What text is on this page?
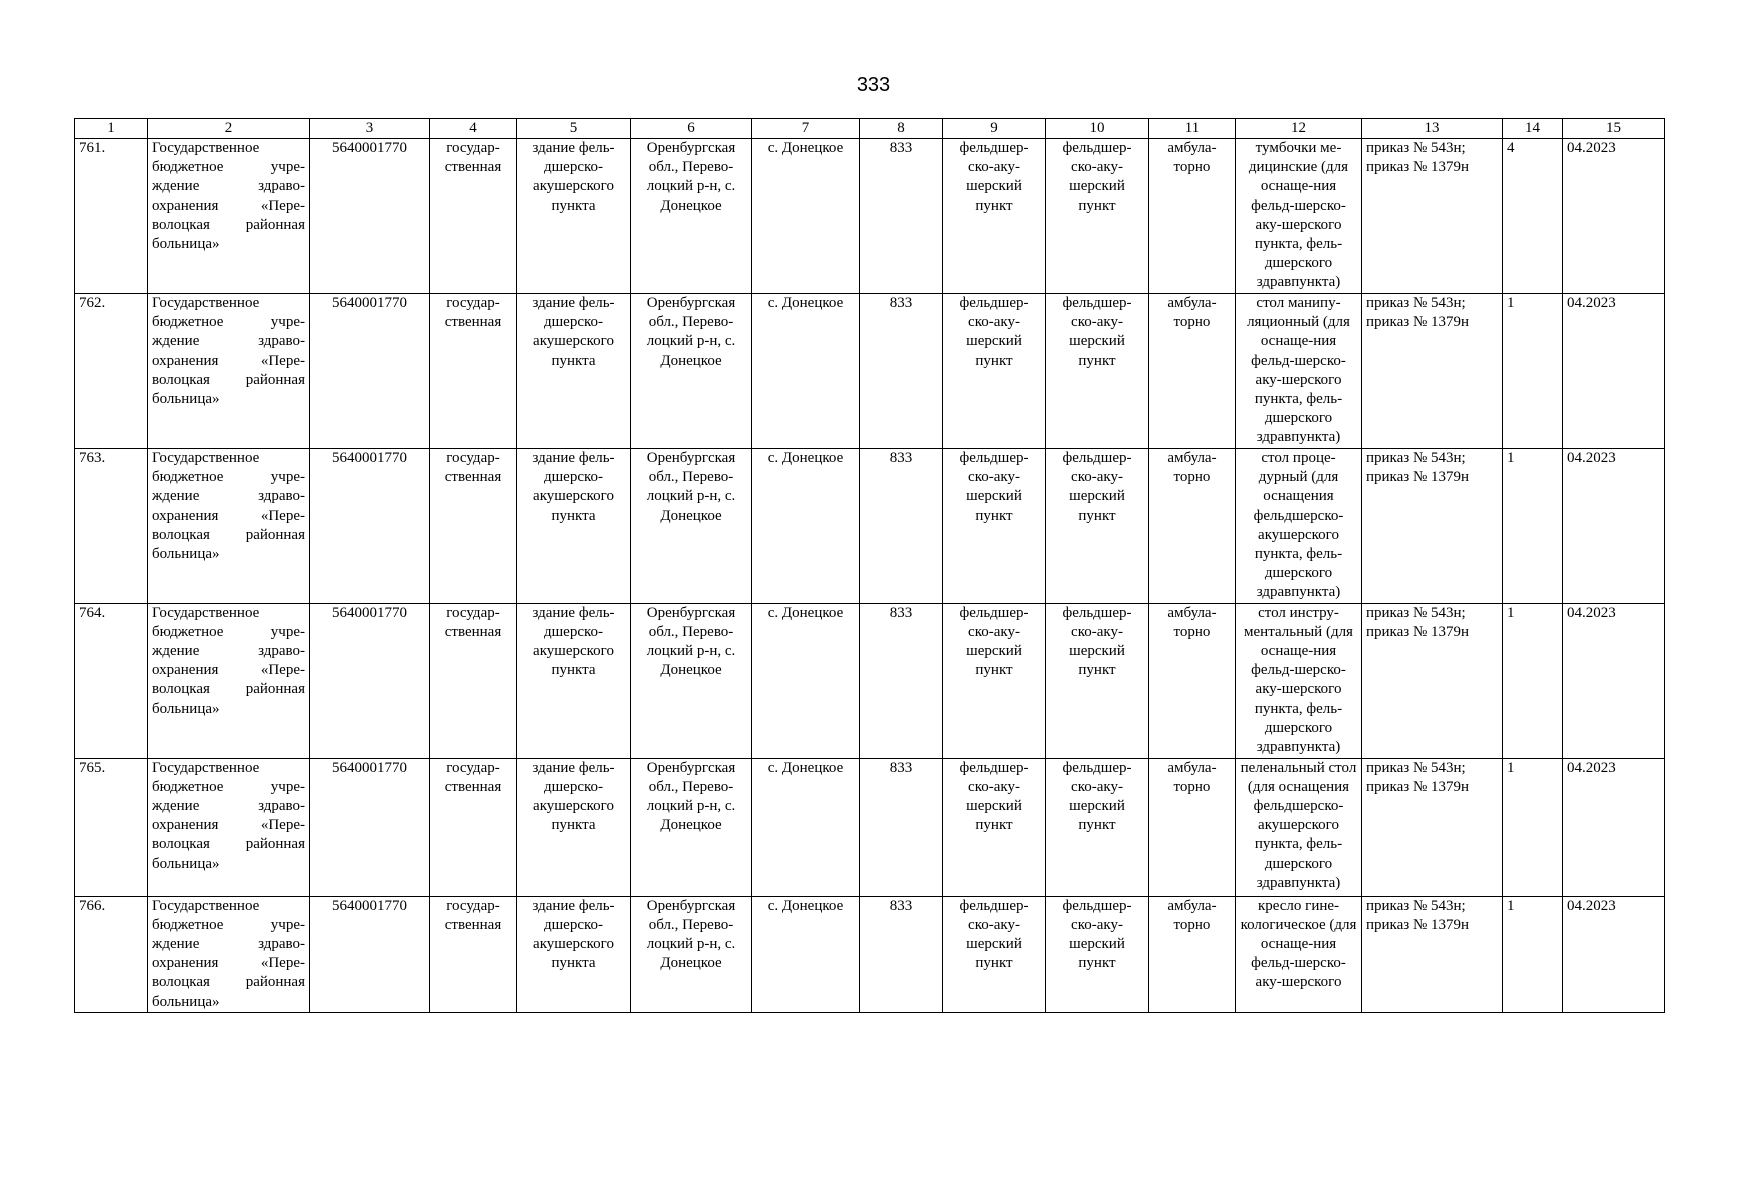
333
1	2	3	4	5	6	7	8	9	10	11	12	13	14	15
761.	Государственное бюджетное учре-ждение здраво-охранения «Пере-волоцкая районная больница»	5640001770	государ-ственная	здание фель-дшерско-акушерского пункта	Оренбургская обл., Перево-лоцкий р-н, с. Донецкое	с. Донецкое	833	фельдшер-ско-аку-шерский пункт	фельдшер-ско-аку-шерский пункт	амбула-торно	тумбочки ме-дицинские (для оснаще-ния фельд-шерско-аку-шерского пункта, фель-дшерского здравпункта)	приказ № 543н; приказ № 1379н	4	04.2023
762.	Государственное бюджетное учре-ждение здраво-охранения «Пере-волоцкая районная больница»	5640001770	государ-ственная	здание фель-дшерско-акушерского пункта	Оренбургская обл., Перево-лоцкий р-н, с. Донецкое	с. Донецкое	833	фельдшер-ско-аку-шерский пункт	фельдшер-ско-аку-шерский пункт	амбула-торно	стол манипу-ляционный (для оснаще-ния фельд-шерско-аку-шерского пункта, фель-дшерского здравпункта)	приказ № 543н; приказ № 1379н	1	04.2023
763.	Государственное бюджетное учре-ждение здраво-охранения «Пере-волоцкая районная больница»	5640001770	государ-ственная	здание фель-дшерско-акушерского пункта	Оренбургская обл., Перево-лоцкий р-н, с. Донецкое	с. Донецкое	833	фельдшер-ско-аку-шерский пункт	фельдшер-ско-аку-шерский пункт	амбула-торно	стол проце-дурный (для оснащения фельдшерско-акушерского пункта, фель-дшерского здравпункта)	приказ № 543н; приказ № 1379н	1	04.2023
764.	Государственное бюджетное учре-ждение здраво-охранения «Пере-волоцкая районная больница»	5640001770	государ-ственная	здание фель-дшерско-акушерского пункта	Оренбургская обл., Перево-лоцкий р-н, с. Донецкое	с. Донецкое	833	фельдшер-ско-аку-шерский пункт	фельдшер-ско-аку-шерский пункт	амбула-торно	стол инстру-ментальный (для оснаще-ния фельд-шерско-аку-шерского пункта, фель-дшерского здравпункта)	приказ № 543н; приказ № 1379н	1	04.2023
765.	Государственное бюджетное учре-ждение здраво-охранения «Пере-волоцкая районная больница»	5640001770	государ-ственная	здание фель-дшерско-акушерского пункта	Оренбургская обл., Перево-лоцкий р-н, с. Донецкое	с. Донецкое	833	фельдшер-ско-аку-шерский пункт	фельдшер-ско-аку-шерский пункт	амбула-торно	пеленальный стол (для оснащения фельдшерско-акушерского пункта, фель-дшерского здравпункта)	приказ № 543н; приказ № 1379н	1	04.2023
766.	Государственное бюджетное учре-ждение здраво-охранения «Пере-волоцкая районная больница»	5640001770	государ-ственная	здание фель-дшерско-акушерского пункта	Оренбургская обл., Перево-лоцкий р-н, с. Донецкое	с. Донецкое	833	фельдшер-ско-аку-шерский пункт	фельдшер-ско-аку-шерский пункт	амбула-торно	кресло гине-кологическое (для оснаще-ния фельд-шерско-аку-шерского	приказ № 543н; приказ № 1379н	1	04.2023
